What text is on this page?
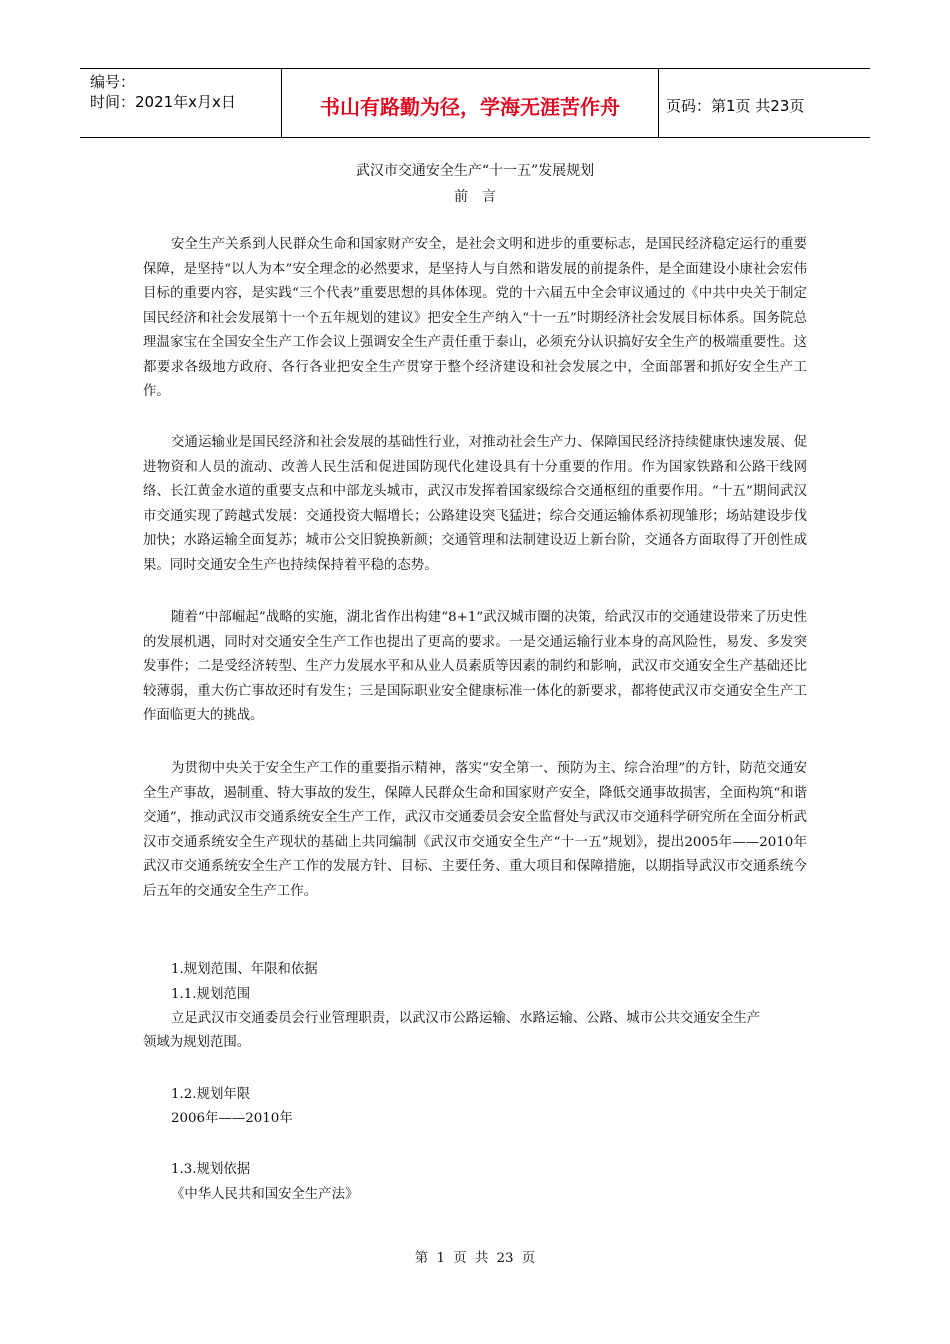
编号：
时间：2021年x月x日	书山有路勤为径，学海无涯苦作舟	页码：第1页 共23页
武汉市交通安全生产“十一五”发展规划
前言

安全生产关系到人民群众生命和国家财产安全，是社会文明和进步的重要标志，是国民经济稳定运行的重要保障，是坚持“以人为本”安全理念的必然要求，是坚持人与自然和谐发展的前提条件，是全面建设小康社会宏伟目标的重要内容，是实践“三个代表”重要思想的具体体现。党的十六届五中全会审议通过的《中共中央关于制定国民经济和社会发展第十一个五年规划的建议》把安全生产纳入“十一五”时期经济社会发展目标体系。国务院总理温家宝在全国安全生产工作会议上强调安全生产责任重于泰山，必须充分认识搞好安全生产的极端重要性。这都要求各级地方政府、各行各业把安全生产贯穿于整个经济建设和社会发展之中，全面部署和抓好安全生产工作。

交通运输业是国民经济和社会发展的基础性行业，对推动社会生产力、保障国民经济持续健康快速发展、促进物资和人员的流动、改善人民生活和促进国防现代化建设具有十分重要的作用。作为国家铁路和公路干线网络、长江黄金水道的重要支点和中部龙头城市，武汉市发挥着国家级综合交通枢纽的重要作用。“十五”期间武汉市交通实现了跨越式发展：交通投资大幅增长；公路建设突飞猛进；综合交通运输体系初现雏形；场站建设步伐加快；水路运输全面复苏；城市公交旧貌换新颜；交通管理和法制建设迈上新台阶，交通各方面取得了开创性成果。同时交通安全生产也持续保持着平稳的态势。

随着“中部崛起”战略的实施，湖北省作出构建“8+1”武汉城市圈的决策，给武汉市的交通建设带来了历史性的发展机遇，同时对交通安全生产工作也提出了更高的要求。一是交通运输行业本身的高风险性，易发、多发突发事件；二是受经济转型、生产力发展水平和从业人员素质等因素的制约和影响，武汉市交通安全生产基础还比较薄弱，重大伤亡事故还时有发生；三是国际职业安全健康标准一体化的新要求，都将使武汉市交通安全生产工作面临更大的挑战。

为贯彻中央关于安全生产工作的重要指示精神，落实“安全第一、预防为主、综合治理”的方针，防范交通安全生产事故，遏制重、特大事故的发生，保障人民群众生命和国家财产安全，降低交通事故损害，全面构筑“和谐交通”，推动武汉市交通系统安全生产工作，武汉市交通委员会安全监督处与武汉市交通科学研究所在全面分析武汉市交通系统安全生产现状的基础上共同编制《武汉市交通安全生产“十一五”规划》，提出2005年——2010年武汉市交通系统安全生产工作的发展方针、目标、主要任务、重大项目和保障措施，以期指导武汉市交通系统今后五年的交通安全生产工作。

1.规划范围、年限和依据
1.1.规划范围
立足武汉市交通委员会行业管理职责，以武汉市公路运输、水路运输、公路、城市公共交通安全生产
领域为规划范围。
1.2.规划年限
2006年——2010年
1.3.规划依据
《中华人民共和国安全生产法》
第 1 页 共 23 页
